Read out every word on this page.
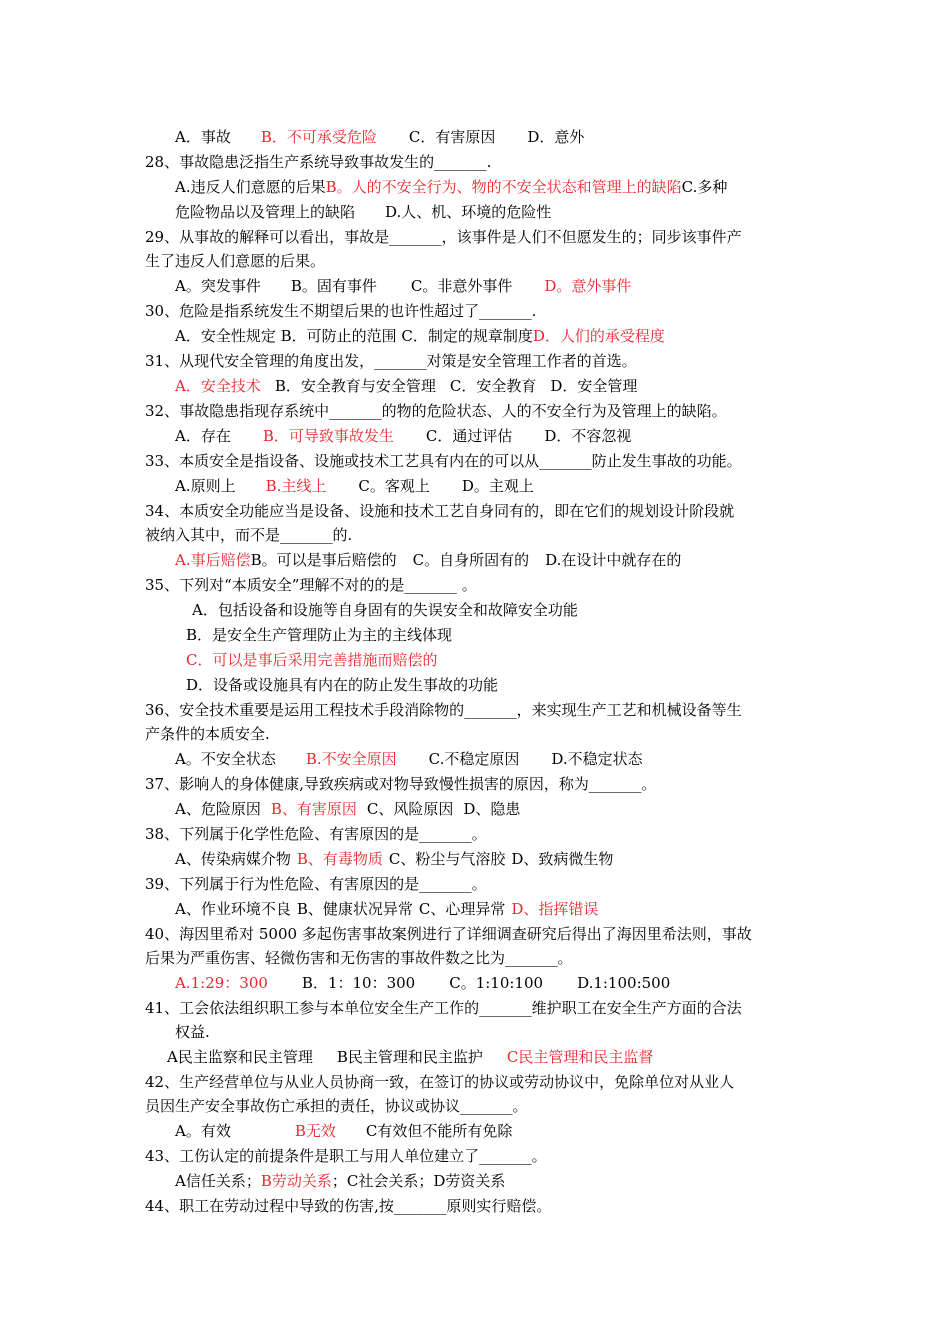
A．事故 B．不可承受危险 C．有害原因 D．意外
28、事故隐患泛指生产系统导致事故发生的_______.
A.违反人们意愿的后果B。人的不安全行为、物的不安全状态和管理上的缺陷C.多种
危险物品以及管理上的缺陷 D.人、机、环境的危险性
29、从事故的解释可以看出，事故是_______，该事件是人们不但愿发生的；同步该事件产
生了违反人们意愿的后果。
A。突发事件 B。固有事件 C。非意外事件 D。意外事件
30、危险是指系统发生不期望后果的也许性超过了_______.
A．安全性规定 B．可防止的范围 C．制定的规章制度D．人们的承受程度
31、从现代安全管理的角度出发，_______对策是安全管理工作者的首选。
A．安全技术 B．安全教育与安全管理 C．安全教育 D．安全管理
32、事故隐患指现存系统中_______的物的危险状态、人的不安全行为及管理上的缺陷。
A．存在 B．可导致事故发生 C．通过评估 D．不容忽视
33、本质安全是指设备、设施或技术工艺具有内在的可以从_______防止发生事故的功能。
A.原则上 B.主线上 C。客观上 D。主观上
34、本质安全功能应当是设备、设施和技术工艺自身同有的，即在它们的规划设计阶段就
被纳入其中，而不是_______的.
A.事后赔偿B。可以是事后赔偿的 C。自身所固有的 D.在设计中就存在的
35、下列对“本质安全”理解不对的的是_______ 。
A．包括设备和设施等自身固有的失误安全和故障安全功能
B．是安全生产管理防止为主的主线体现
C．可以是事后采用完善措施而赔偿的
D．设备或设施具有内在的防止发生事故的功能
36、安全技术重要是运用工程技术手段消除物的_______，来实现生产工艺和机械设备等生
产条件的本质安全.
A。不安全状态 B.不安全原因 C.不稳定原因 D.不稳定状态
37、影响人的身体健康,导致疾病或对物导致慢性损害的原因，称为_______。
A、危险原因 B、有害原因 C、风险原因 D、隐患
38、下列属于化学性危险、有害原因的是_______。
A、传染病媒介物 B、有毒物质 C、粉尘与气溶胶 D、致病微生物
39、下列属于行为性危险、有害原因的是_______。
A、作业环境不良 B、健康状况异常 C、心理异常 D、指挥错误
40、海因里希对 5000 多起伤害事故案例进行了详细调查研究后得出了海因里希法则，事故
后果为严重伤害、轻微伤害和无伤害的事故件数之比为_______。
A.1:29：300 B．1：10：300 C。1:10:100 D.1:100:500
41、工会依法组织职工参与本单位安全生产工作的_______维护职工在安全生产方面的合法
权益.
A民主监察和民主管理 B民主管理和民主监护 C民主管理和民主监督
42、生产经营单位与从业人员协商一致，在签订的协议或劳动协议中，免除单位对从业人
员因生产安全事故伤亡承担的责任，协议或协议_______。
A。有效	B无效 C有效但不能所有免除
43、工伤认定的前提条件是职工与用人单位建立了_______。
A信任关系；B劳动关系；C社会关系；D劳资关系
44、职工在劳动过程中导致的伤害,按_______原则实行赔偿。
